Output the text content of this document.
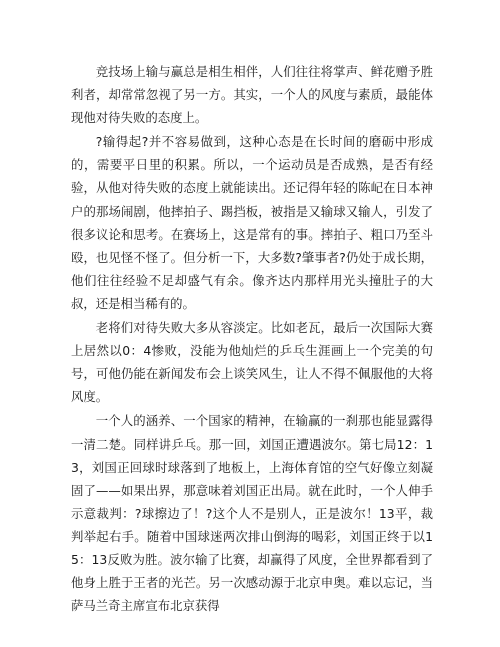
竞技场上输与赢总是相生相伴，人们往往将掌声、鲜花赠予胜利者，却常常忽视了另一方。其实，一个人的风度与素质，最能体现他对待失败的态度上。

?输得起?并不容易做到，这种心态是在长时间的磨砺中形成的，需要平日里的积累。所以，一个运动员是否成熟，是否有经验，从他对待失败的态度上就能读出。还记得年轻的陈屺在日本神户的那场闹剧，他摔拍子、踢挡板，被指是又输球又输人，引发了很多议论和思考。在赛场上，这是常有的事。摔拍子、粗口乃至斗殴，也见怪不怪了。但分析一下，大多数?肇事者?仍处于成长期，他们往往经验不足却盛气有余。像齐达内那样用光头撞肚子的大叔，还是相当稀有的。

老将们对待失败大多从容淡定。比如老瓦，最后一次国际大赛上居然以0：4惨败，没能为他灿烂的乒乓生涯画上一个完美的句号，可他仍能在新闻发布会上谈笑风生，让人不得不佩服他的大将风度。

一个人的涵养、一个国家的精神，在输赢的一刹那也能显露得一清二楚。同样讲乒乓。那一回，刘国正遭遇波尔。第七局12：13，刘国正回球时球落到了地板上，上海体育馆的空气好像立刻凝固了——如果出界，那意味着刘国正出局。就在此时，一个人伸手示意裁判：?球擦边了！?这个人不是别人，正是波尔！13平，裁判举起右手。随着中国球迷两次排山倒海的喝彩，刘国正终于以15：13反败为胜。波尔输了比赛，却赢得了风度，全世界都看到了他身上胜于王者的光芒。另一次感动源于北京申奥。难以忘记，当萨马兰奇主席宣布北京获得
